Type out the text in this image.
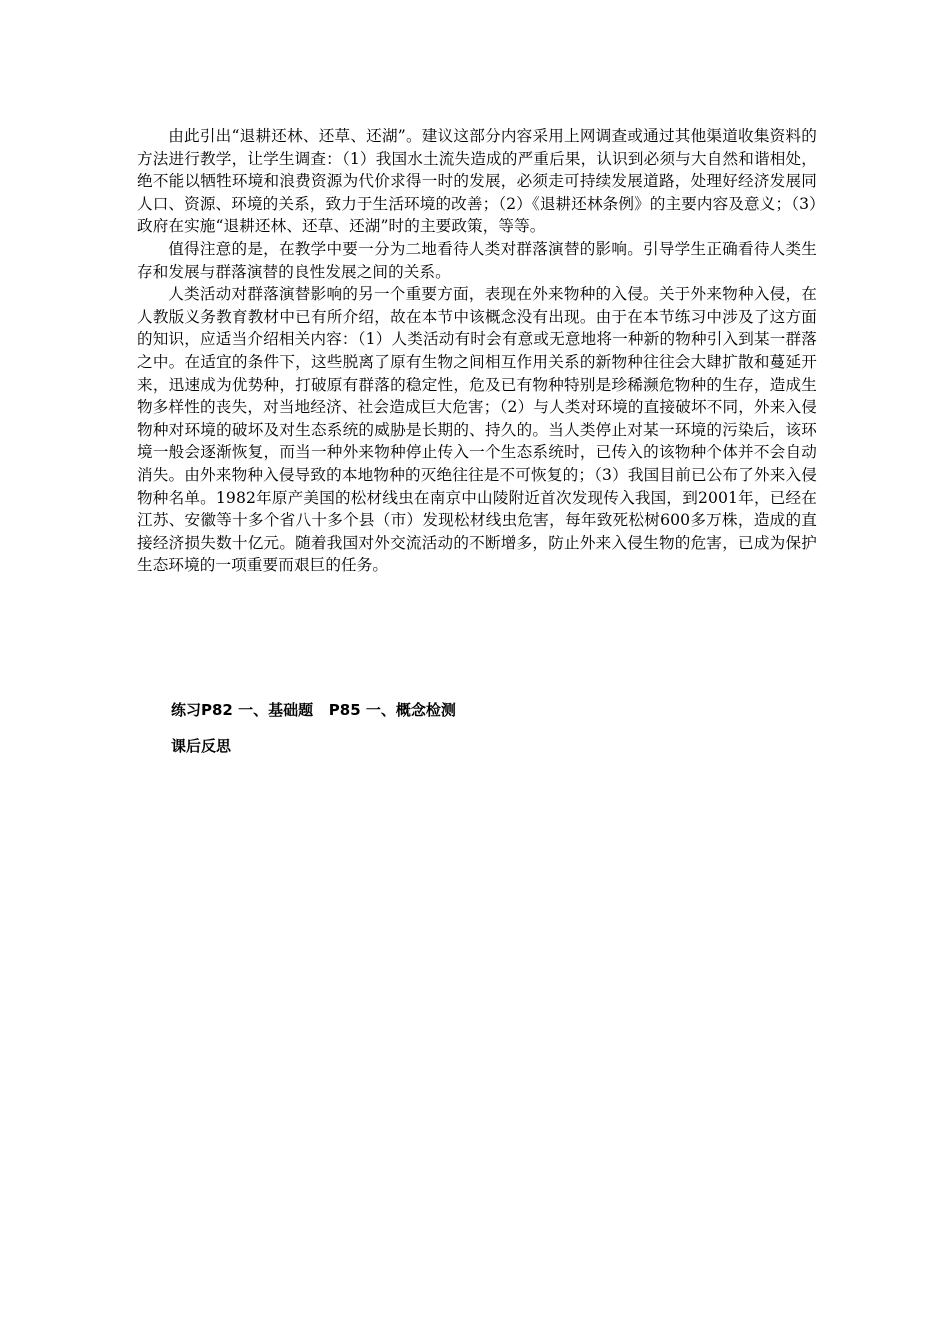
由此引出“退耕还林、还草、还湖”。建议这部分内容采用上网调查或通过其他渠道收集资料的方法进行教学，让学生调查：（1）我国水土流失造成的严重后果，认识到必须与大自然和谐相处，绝不能以牺牲环境和浪费资源为代价求得一时的发展，必须走可持续发展道路，处理好经济发展同人口、资源、环境的关系，致力于生活环境的改善；（2）《退耕还林条例》的主要内容及意义；（3）政府在实施“退耕还林、还草、还湖”时的主要政策，等等。

值得注意的是，在教学中要一分为二地看待人类对群落演替的影响。引导学生正确看待人类生存和发展与群落演替的良性发展之间的关系。

人类活动对群落演替影响的另一个重要方面，表现在外来物种的入侵。关于外来物种入侵，在人教版义务教育教材中已有所介绍，故在本节中该概念没有出现。由于在本节练习中涉及了这方面的知识，应适当介绍相关内容：（1）人类活动有时会有意或无意地将一种新的物种引入到某一群落之中。在适宜的条件下，这些脱离了原有生物之间相互作用关系的新物种往往会大肆扩散和蔓延开来，迅速成为优势种，打破原有群落的稳定性，危及已有物种特别是珍稀濒危物种的生存，造成生物多样性的丧失，对当地经济、社会造成巨大危害；（2）与人类对环境的直接破坏不同，外来入侵物种对环境的破坏及对生态系统的威胁是长期的、持久的。当人类停止对某一环境的污染后，该环境一般会逐渐恢复，而当一种外来物种停止传入一个生态系统时，已传入的该物种个体并不会自动消失。由外来物种入侵导致的本地物种的灭绝往往是不可恢复的；（3）我国目前已公布了外来入侵物种名单。1982年原产美国的松材线虫在南京中山陵附近首次发现传入我国，到2001年，已经在江苏、安徽等十多个省八十多个县（市）发现松材线虫危害，每年致死松树600多万株，造成的直接经济损失数十亿元。随着我国对外交流活动的不断增多，防止外来入侵生物的危害，已成为保护生态环境的一项重要而艰巨的任务。

练习P82 一、基础题   P85 一、概念检测
课后反思
